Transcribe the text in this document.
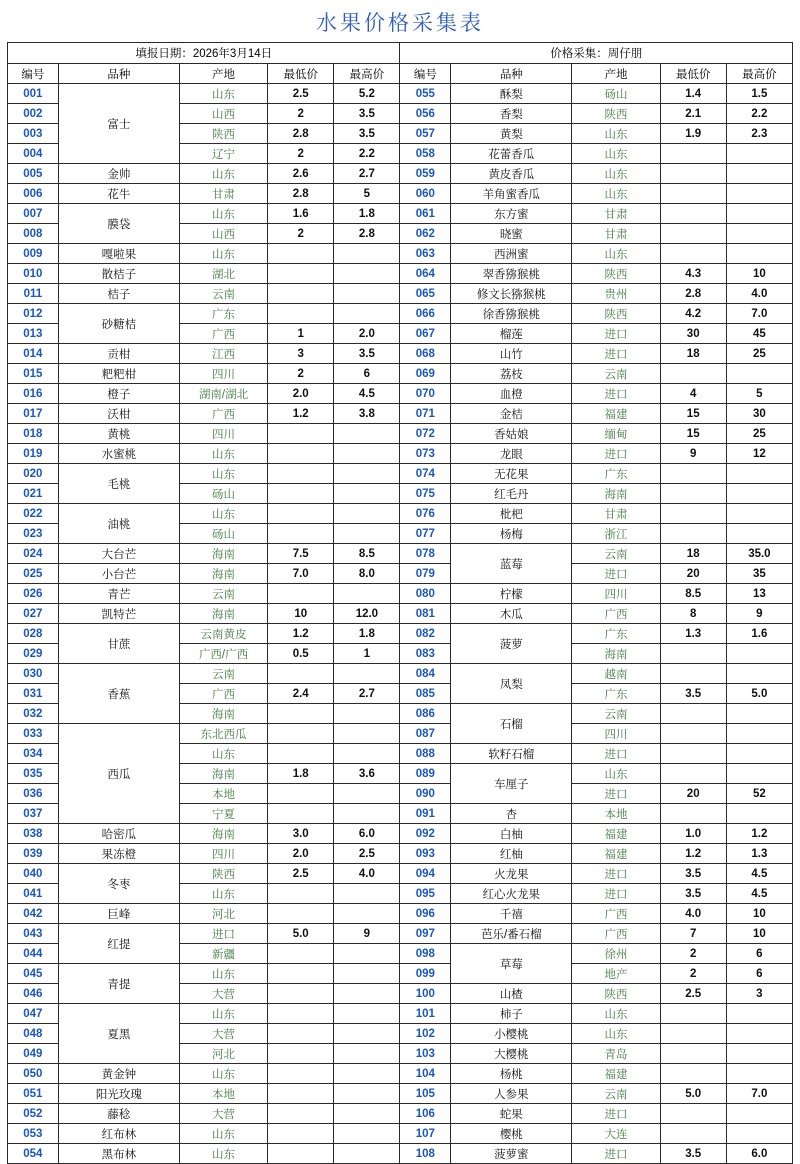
水果价格采集表
填报日期：2026年3月14日					价格采集：周仔朋				
编号	品种	产地	最低价	最高价	编号	品种	产地	最低价	最高价
001	富士	山东	2.5	5.2	055	酥梨	砀山	1.4	1.5
002		山西	2	3.5	056	香梨	陕西	2.1	2.2
003		陕西	2.8	3.5	057	黄梨	山东	1.9	2.3
004		辽宁	2	2.2	058	花蕾香瓜	山东		
005	金帅	山东	2.6	2.7	059	黄皮香瓜	山东		
006	花牛	甘肃	2.8	5	060	羊角蜜香瓜	山东		
007	膜袋	山东	1.6	1.8	061	东方蜜	甘肃		
008		山西	2	2.8	062	晓蜜	甘肃		
009	嘎啦果	山东			063	西洲蜜	山东		
010	散桔子	湖北			064	翠香猕猴桃	陕西	4.3	10
011	桔子	云南			065	修文长猕猴桃	贵州	2.8	4.0
012	砂糖桔	广东			066	徐香猕猴桃	陕西	4.2	7.0
013		广西	1	2.0	067	榴莲	进口	30	45
014	贡柑	江西	3	3.5	068	山竹	进口	18	25
015	粑粑柑	四川	2	6	069	荔枝	云南		
016	橙子	湖南/湖北	2.0	4.5	070	血橙	进口	4	5
017	沃柑	广西	1.2	3.8	071	金桔	福建	15	30
018	黄桃	四川			072	香姑娘	缅甸	15	25
019	水蜜桃	山东			073	龙眼	进口	9	12
020	毛桃	山东			074	无花果	广东		
021		砀山			075	红毛丹	海南		
022	油桃	山东			076	枇杷	甘肃		
023		砀山			077	杨梅	浙江		
024	大台芒	海南	7.5	8.5	078	蓝莓	云南	18	35.0
025	小台芒	海南	7.0	8.0	079		进口	20	35
026	青芒	云南			080	柠檬	四川	8.5	13
027	凯特芒	海南	10	12.0	081	木瓜	广西	8	9
028	甘蔗	云南黄皮	1.2	1.8	082	菠萝	广东	1.3	1.6
029		广西/广西	0.5	1	083		海南		
030	香蕉	云南			084	凤梨	越南		
031		广西	2.4	2.7	085		广东	3.5	5.0
032		海南			086	石榴	云南		
033	西瓜	东北西瓜			087		四川		
034		山东			088	软籽石榴	进口		
035		海南	1.8	3.6	089	车厘子	山东		
036		本地			090		进口	20	52
037		宁夏			091	杏	本地		
038	哈密瓜	海南	3.0	6.0	092	白柚	福建	1.0	1.2
039	果冻橙	四川	2.0	2.5	093	红柚	福建	1.2	1.3
040	冬枣	陕西	2.5	4.0	094	火龙果	进口	3.5	4.5
041		山东			095	红心火龙果	进口	3.5	4.5
042	巨峰	河北			096	千禧	广西	4.0	10
043	红提	进口	5.0	9	097	芭乐/番石榴	广西	7	10
044		新疆			098	草莓	徐州	2	6
045	青提	山东			099		地产	2	6
046		大营			100	山楂	陕西	2.5	3
047	夏黑	山东			101	柿子	山东		
048		大营			102	小樱桃	山东		
049		河北			103	大樱桃	青岛		
050	黄金钟	山东			104	杨桃	福建		
051	阳光玫瑰	本地			105	人参果	云南	5.0	7.0
052	藤稔	大营			106	蛇果	进口		
053	红布林	山东			107	樱桃	大连		
054	黑布林	山东			108	菠萝蜜	进口	3.5	6.0
